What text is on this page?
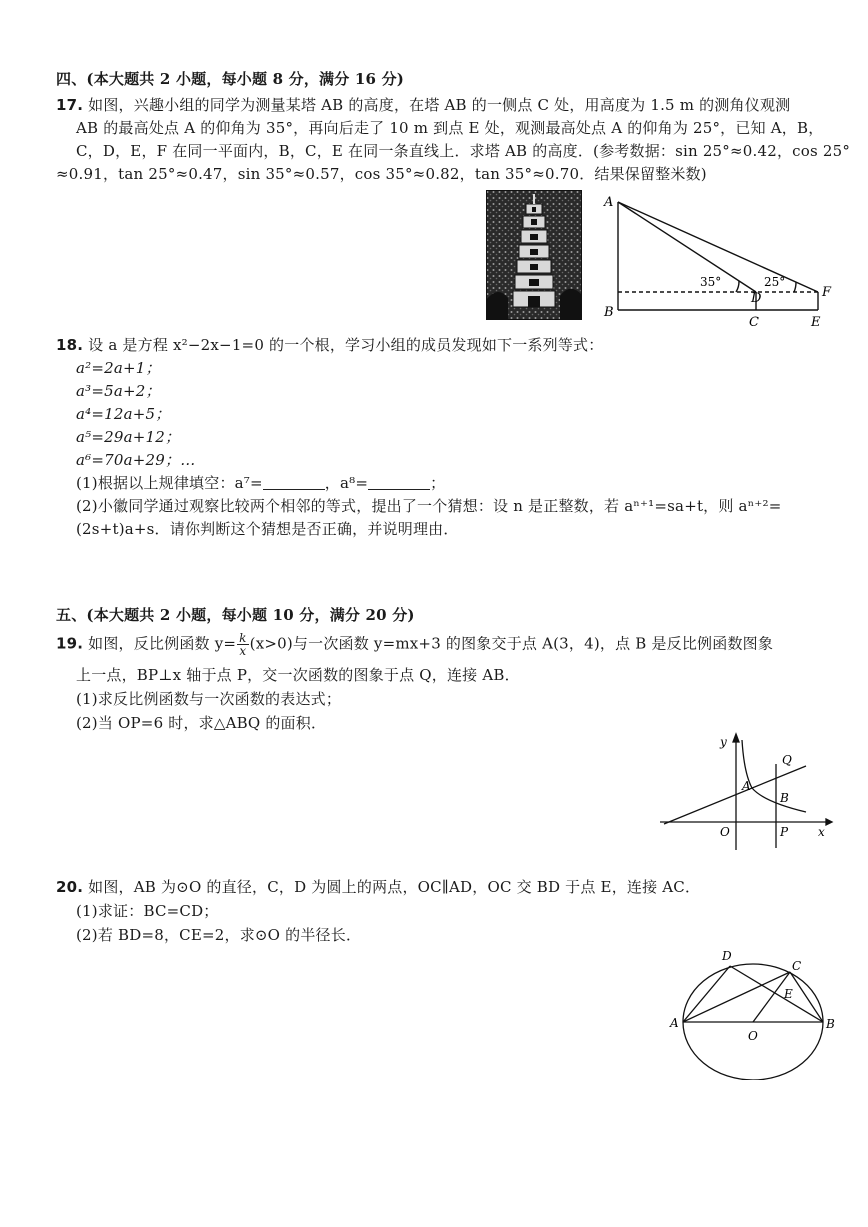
四、(本大题共 2 小题，每小题 8 分，满分 16 分)
17. 如图，兴趣小组的同学为测量某塔 AB 的高度，在塔 AB 的一侧点 C 处，用高度为 1.5 m 的测角仪观测
AB 的最高处点 A 的仰角为 35°，再向后走了 10 m 到点 E 处，观测最高处点 A 的仰角为 25°，已知 A，B，
C，D，E，F 在同一平面内，B，C，E 在同一条直线上．求塔 AB 的高度．(参考数据：sin 25°≈0.42，cos 25°
≈0.91，tan 25°≈0.47，sin 35°≈0.57，cos 35°≈0.82，tan 35°≈0.70．结果保留整米数)
A
B
C
D
E
F
35°	25°
18. 设 a 是方程 x²−2x−1=0 的一个根，学习小组的成员发现如下一系列等式：
a²=2a+1；
a³=5a+2；
a⁴=12a+5；
a⁵=29a+12；
a⁶=70a+29；…
(1)根据以上规律填空：a⁷=	，a⁸=	；
(2)小徽同学通过观察比较两个相邻的等式，提出了一个猜想：设 n 是正整数，若 aⁿ⁺¹=sa+t，则 aⁿ⁺²=
(2s+t)a+s．请你判断这个猜想是否正确，并说明理由．
五、(本大题共 2 小题，每小题 10 分，满分 20 分)
19. 如图，反比例函数 $y= \frac{k}{x} (x>0)$与一次函数 y=mx+3 的图象交于点 A(3，4)，点 B 是反比例函数图象
上一点，BP⊥x 轴于点 P，交一次函数的图象于点 Q，连接 AB．
(1)求反比例函数与一次函数的表达式；
(2)当 OP=6 时，求△ABQ 的面积．
y
x
O
A
B
P
Q
20. 如图，AB 为⊙O 的直径，C，D 为圆上的两点，OC∥AD，OC 交 BD 于点 E，连接 AC．
(1)求证：BC=CD；
(2)若 BD=8，CE=2，求⊙O 的半径长．
D
C
E
A	B
O
